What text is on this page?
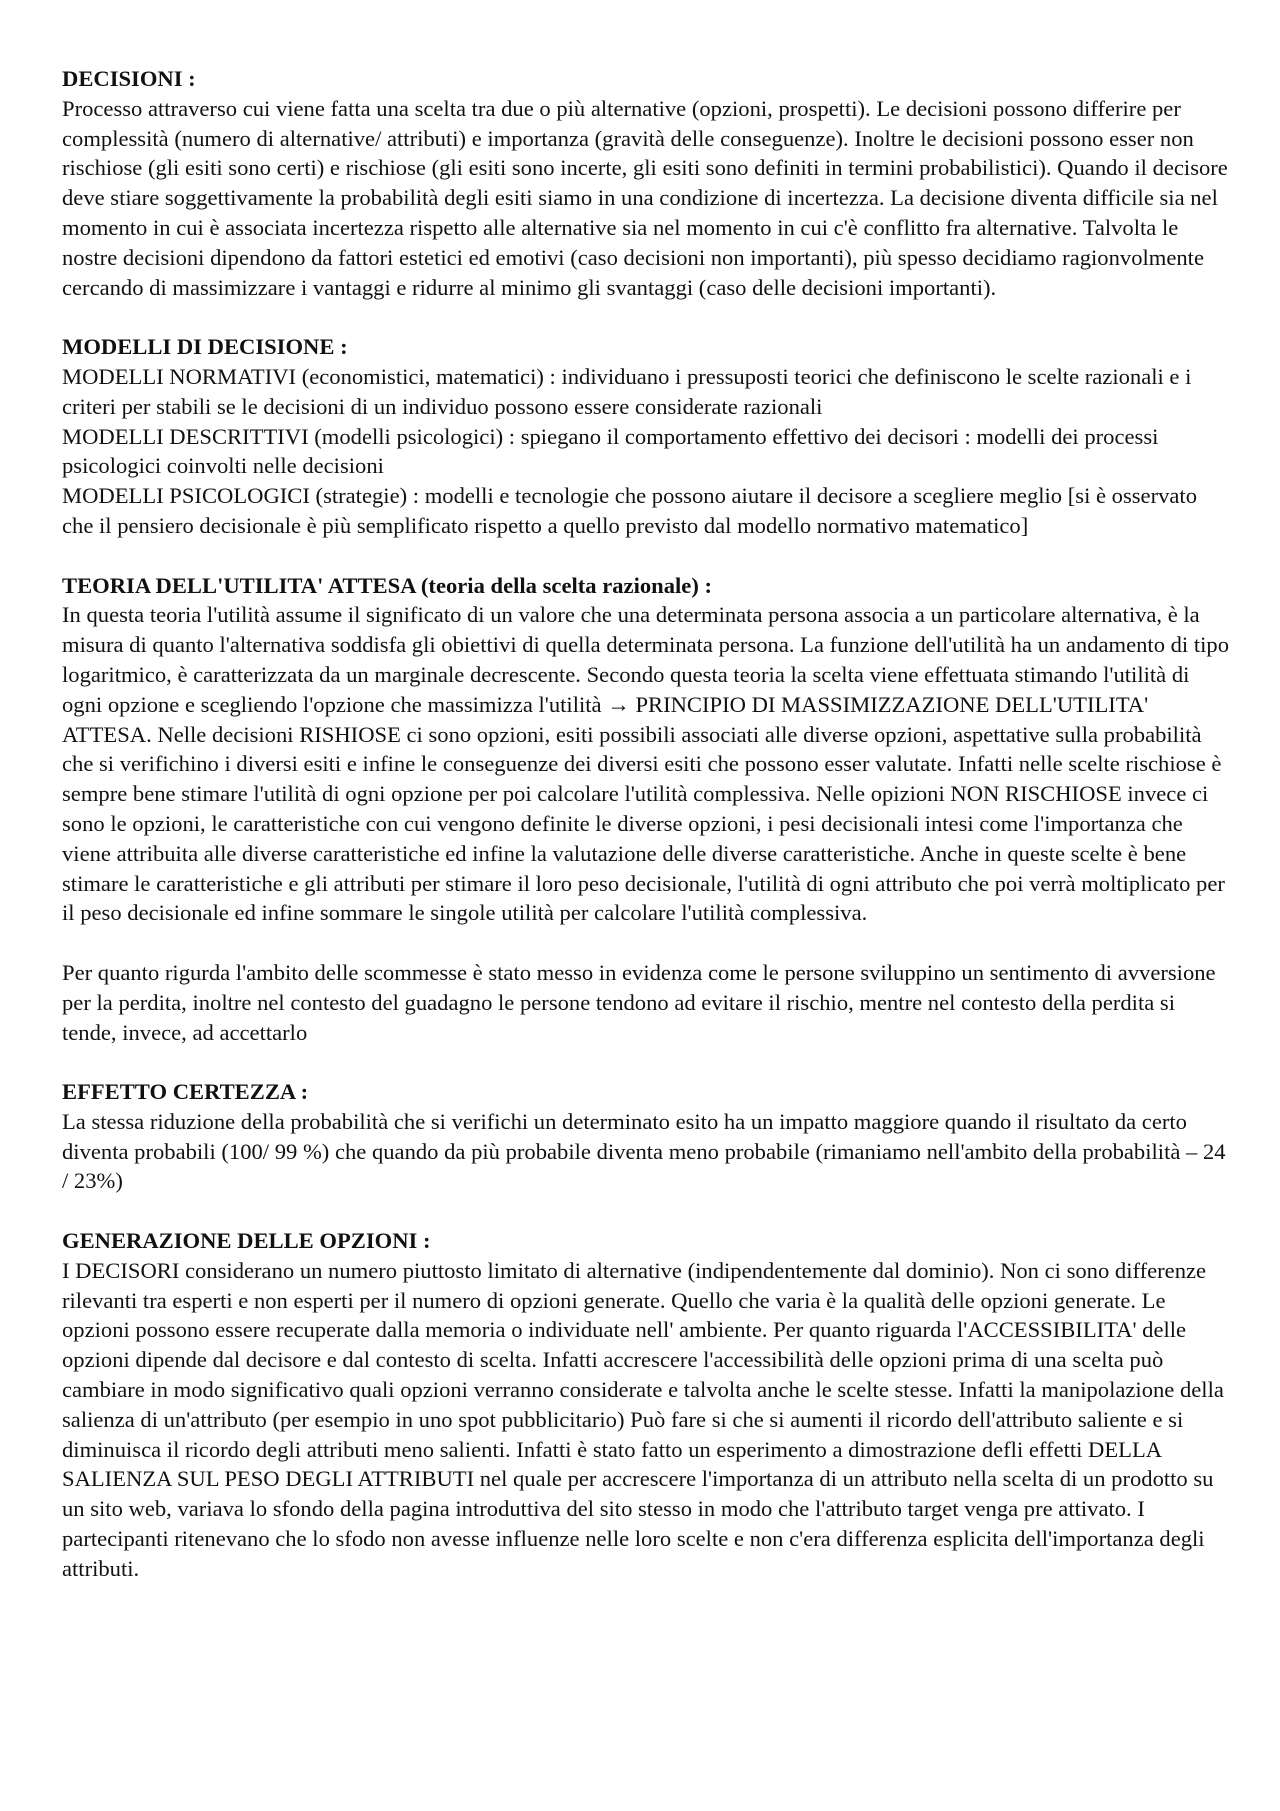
DECISIONI :
Processo attraverso cui viene fatta una scelta tra due o più alternative (opzioni, prospetti). Le decisioni possono differire per complessità (numero di alternative/ attributi) e importanza (gravità delle conseguenze). Inoltre le decisioni possono esser non rischiose (gli esiti sono certi) e rischiose (gli esiti sono incerte, gli esiti sono definiti in termini probabilistici). Quando il decisore deve stiare soggettivamente la probabilità degli esiti siamo in una condizione di incertezza. La decisione diventa difficile sia nel momento in cui è associata incertezza rispetto alle alternative sia nel momento in cui c'è conflitto fra alternative. Talvolta le nostre decisioni dipendono da fattori estetici ed emotivi (caso decisioni non importanti), più spesso decidiamo ragionvolmente cercando di massimizzare i vantaggi e ridurre al minimo gli svantaggi (caso delle decisioni importanti).
MODELLI DI DECISIONE :
MODELLI NORMATIVI (economistici, matematici) : individuano i pressuposti teorici che definiscono le scelte razionali e i criteri per stabili se le decisioni di un individuo possono essere considerate razionali
MODELLI DESCRITTIVI (modelli psicologici) : spiegano il comportamento effettivo dei decisori : modelli dei processi psicologici coinvolti nelle decisioni
MODELLI PSICOLOGICI (strategie) : modelli e tecnologie che possono aiutare il decisore a scegliere meglio [si è osservato che il pensiero decisionale è più semplificato rispetto a quello previsto dal modello normativo matematico]
TEORIA DELL'UTILITA' ATTESA (teoria della scelta razionale) :
In questa teoria l'utilità assume il significato di un valore che una determinata persona associa a un particolare alternativa, è la misura di quanto l'alternativa soddisfa gli obiettivi di quella determinata persona. La funzione dell'utilità ha un andamento di tipo logaritmico, è caratterizzata da un marginale decrescente. Secondo questa teoria la scelta viene effettuata stimando l'utilità di ogni opzione e scegliendo l'opzione che massimizza l'utilità → PRINCIPIO DI MASSIMIZZAZIONE DELL'UTILITA' ATTESA. Nelle decisioni RISHIOSE ci sono opzioni, esiti possibili associati alle diverse opzioni, aspettative sulla probabilità che si verifichino i diversi esiti e infine le conseguenze dei diversi esiti che possono esser valutate. Infatti nelle scelte rischiose è sempre bene stimare l'utilità di ogni opzione per poi calcolare l'utilità complessiva. Nelle opizioni NON RISCHIOSE invece ci sono le opzioni, le caratteristiche con cui vengono definite le diverse opzioni, i pesi decisionali intesi come l'importanza che viene attribuita alle diverse caratteristiche ed infine la valutazione delle diverse caratteristiche. Anche in queste scelte è bene stimare le caratteristiche e gli attributi per stimare il loro peso decisionale, l'utilità di ogni attributo che poi verrà moltiplicato per il peso decisionale ed infine sommare le singole utilità per calcolare l'utilità complessiva.
Per quanto rigurda l'ambito delle scommesse è stato messo in evidenza come le persone sviluppino un sentimento di avversione per la perdita, inoltre nel contesto del guadagno le persone tendono ad evitare il rischio, mentre nel contesto della perdita si tende, invece, ad accettarlo
EFFETTO CERTEZZA :
La stessa riduzione della probabilità che si verifichi un determinato esito ha un impatto maggiore quando il risultato da certo diventa probabili (100/ 99 %) che quando da più probabile diventa meno probabile (rimaniamo nell'ambito della probabilità – 24 / 23%)
GENERAZIONE DELLE OPZIONI :
I DECISORI considerano un numero piuttosto limitato di alternative (indipendentemente dal dominio). Non ci sono differenze rilevanti tra esperti e non esperti per il numero di opzioni generate. Quello che varia è la qualità delle opzioni generate. Le opzioni possono essere recuperate dalla memoria o individuate nell' ambiente. Per quanto riguarda l'ACCESSIBILITA' delle opzioni dipende dal decisore e dal contesto di scelta. Infatti accrescere l'accessibilità delle opzioni prima di una scelta può cambiare in modo significativo quali opzioni verranno considerate e talvolta anche le scelte stesse. Infatti la manipolazione della salienza di un'attributo (per esempio in uno spot pubblicitario) Può fare si che si aumenti il ricordo dell'attributo saliente e si diminuisca il ricordo degli attributi meno salienti. Infatti è stato fatto un esperimento a dimostrazione defli effetti DELLA SALIENZA SUL PESO DEGLI ATTRIBUTI nel quale per accrescere l'importanza di un attributo nella scelta di un prodotto su un sito web, variava lo sfondo della pagina introduttiva del sito stesso in modo che l'attributo target venga pre attivato. I partecipanti ritenevano che lo sfodo non avesse influenze nelle loro scelte e non c'era differenza esplicita dell'importanza degli attributi.
